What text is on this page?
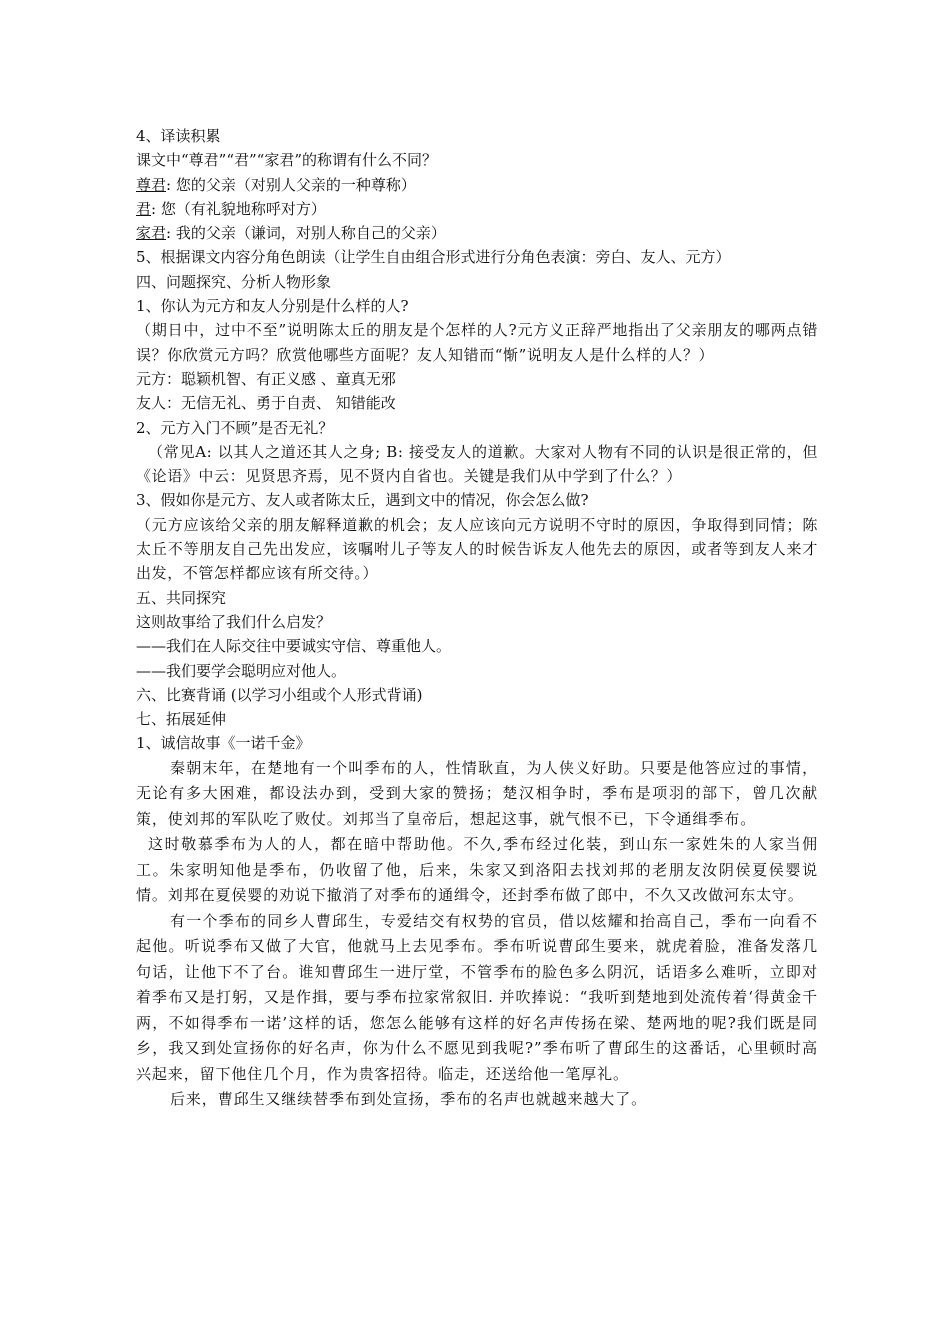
4、译读积累
课文中“尊君”“君”“家君”的称谓有什么不同？
尊君: 您的父亲（对别人父亲的一种尊称）
君: 您（有礼貌地称呼对方）
家君: 我的父亲（谦词，对别人称自己的父亲）
5、根据课文内容分角色朗读（让学生自由组合形式进行分角色表演：旁白、友人、元方）
四、问题探究、分析人物形象
1、你认为元方和友人分别是什么样的人?
（期日中，过中不至”说明陈太丘的朋友是个怎样的人?元方义正辞严地指出了父亲朋友的哪两点错误？你欣赏元方吗？欣赏他哪些方面呢？友人知错而“惭”说明友人是什么样的人？）
元方：聪颖机智、有正义感 、童真无邪
友人：无信无礼、勇于自责、 知错能改
2、元方入门不顾”是否无礼？
（常见A: 以其人之道还其人之身; B: 接受友人的道歉。大家对人物有不同的认识是很正常的，但《论语》中云：见贤思齐焉，见不贤内自省也。关键是我们从中学到了什么？）
3、假如你是元方、友人或者陈太丘，遇到文中的情况，你会怎么做?
（元方应该给父亲的朋友解释道歉的机会；友人应该向元方说明不守时的原因，争取得到同情；陈太丘不等朋友自己先出发应，该嘱咐儿子等友人的时候告诉友人他先去的原因，或者等到友人来才出发，不管怎样都应该有所交待。）
五、共同探究
这则故事给了我们什么启发？
——我们在人际交往中要诚实守信、尊重他人。
——我们要学会聪明应对他人。
六、比赛背诵 (以学习小组或个人形式背诵)
七、拓展延伸
1、诚信故事《一诺千金》
秦朝末年，在楚地有一个叫季布的人，性情耿直，为人侠义好助。只要是他答应过的事情，无论有多大困难，都设法办到，受到大家的赞扬；楚汉相争时，季布是项羽的部下，曾几次献策，使刘邦的军队吃了败仗。刘邦当了皇帝后，想起这事，就气恨不已，下令通缉季布。
这时敬慕季布为人的人，都在暗中帮助他。不久,季布经过化装，到山东一家姓朱的人家当佣工。朱家明知他是季布，仍收留了他，后来，朱家又到洛阳去找刘邦的老朋友汝阴侯夏侯婴说情。刘邦在夏侯婴的劝说下撤消了对季布的通缉令，还封季布做了郎中，不久又改做河东太守。
有一个季布的同乡人曹邱生，专爱结交有权势的官员，借以炫耀和抬高自己，季布一向看不起他。听说季布又做了大官，他就马上去见季布。季布听说曹邱生要来，就虎着脸，准备发落几句话，让他下不了台。谁知曹邱生一进厅堂，不管季布的脸色多么阴沉，话语多么难听，立即对着季布又是打躬，又是作揖，要与季布拉家常叙旧. 并吹捧说：“我听到楚地到处流传着‘得黄金千两，不如得季布一诺’这样的话，您怎么能够有这样的好名声传扬在梁、楚两地的呢?我们既是同乡，我又到处宣扬你的好名声，你为什么不愿见到我呢?”季布听了曹邱生的这番话，心里顿时高兴起来，留下他住几个月，作为贵客招待。临走，还送给他一笔厚礼。
后来，曹邱生又继续替季布到处宣扬，季布的名声也就越来越大了。
